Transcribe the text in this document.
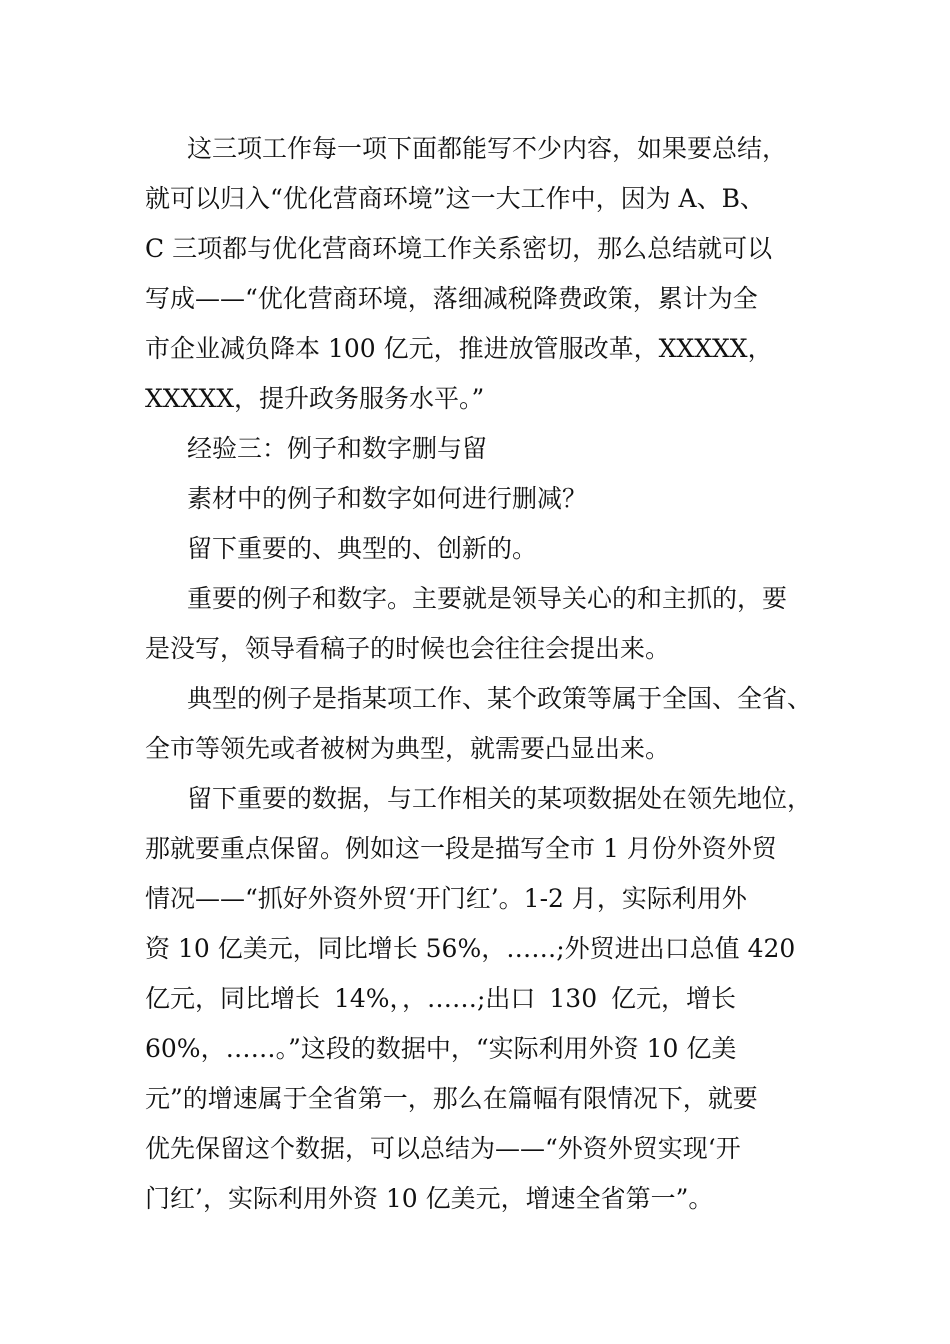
这三项工作每一项下面都能写不少内容，如果要总结，
就可以归入“优化营商环境”这一大工作中，因为 A、B、
C 三项都与优化营商环境工作关系密切，那么总结就可以
写成——“优化营商环境，落细减税降费政策，累计为全
市企业减负降本 100 亿元，推进放管服改革，XXXXX，
XXXXX，提升政务服务水平。”
经验三：例子和数字删与留
素材中的例子和数字如何进行删减？
留下重要的、典型的、创新的。
重要的例子和数字。主要就是领导关心的和主抓的，要
是没写，领导看稿子的时候也会往往会提出来。
典型的例子是指某项工作、某个政策等属于全国、全省、
全市等领先或者被树为典型，就需要凸显出来。
留下重要的数据，与工作相关的某项数据处在领先地位，
那就要重点保留。例如这一段是描写全市 1 月份外资外贸
情况——“抓好外资外贸‘开门红’。1-2 月，实际利用外
资 10 亿美元，同比增长 56%，……;外贸进出口总值 420
亿元，同比增长 14%，，……;出口 130 亿元，增长
60%，……。”这段的数据中，“实际利用外资 10 亿美
元”的增速属于全省第一，那么在篇幅有限情况下，就要
优先保留这个数据，可以总结为——“外资外贸实现‘开
门红’，实际利用外资 10 亿美元，增速全省第一”。
